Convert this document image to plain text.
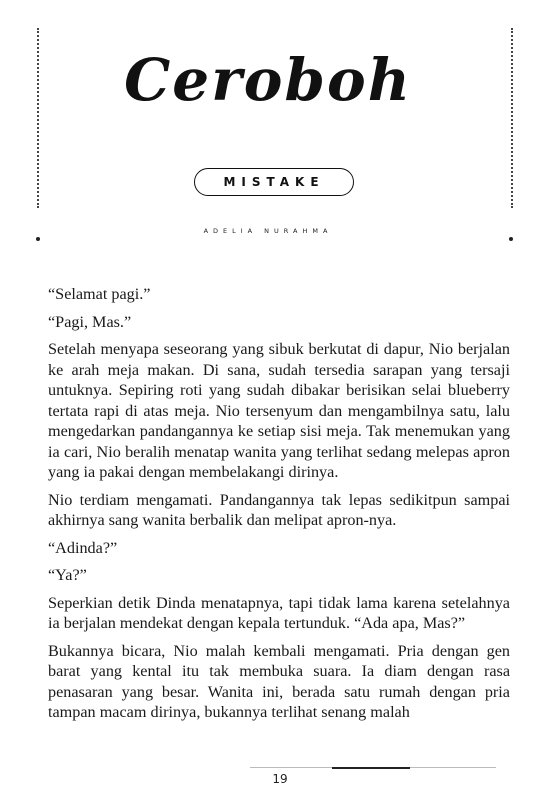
Ceroboh
MISTAKE
ADELIA NURAHMA

“Selamat pagi.”

“Pagi, Mas.”

Setelah menyapa seseorang yang sibuk berkutat di dapur, Nio berjalan ke arah meja makan. Di sana, sudah tersedia sarapan yang tersaji untuknya. Sepiring roti yang sudah dibakar berisikan selai blueberry tertata rapi di atas meja. Nio tersenyum dan mengambilnya satu, lalu mengedarkan pandangannya ke setiap sisi meja. Tak menemukan yang ia cari, Nio beralih menatap wanita yang terlihat sedang melepas apron yang ia pakai dengan membelakangi dirinya.

Nio terdiam mengamati. Pandangannya tak lepas sedikitpun sampai akhirnya sang wanita berbalik dan melipat apron-nya.

“Adinda?”

“Ya?”

Seperkian detik Dinda menatapnya, tapi tidak lama karena setelahnya ia berjalan mendekat dengan kepala tertunduk. “Ada apa, Mas?”

Bukannya bicara, Nio malah kembali mengamati. Pria dengan gen barat yang kental itu tak membuka suara. Ia diam dengan rasa penasaran yang besar. Wanita ini, berada satu rumah dengan pria tampan macam dirinya, bukannya terlihat senang malah

19
